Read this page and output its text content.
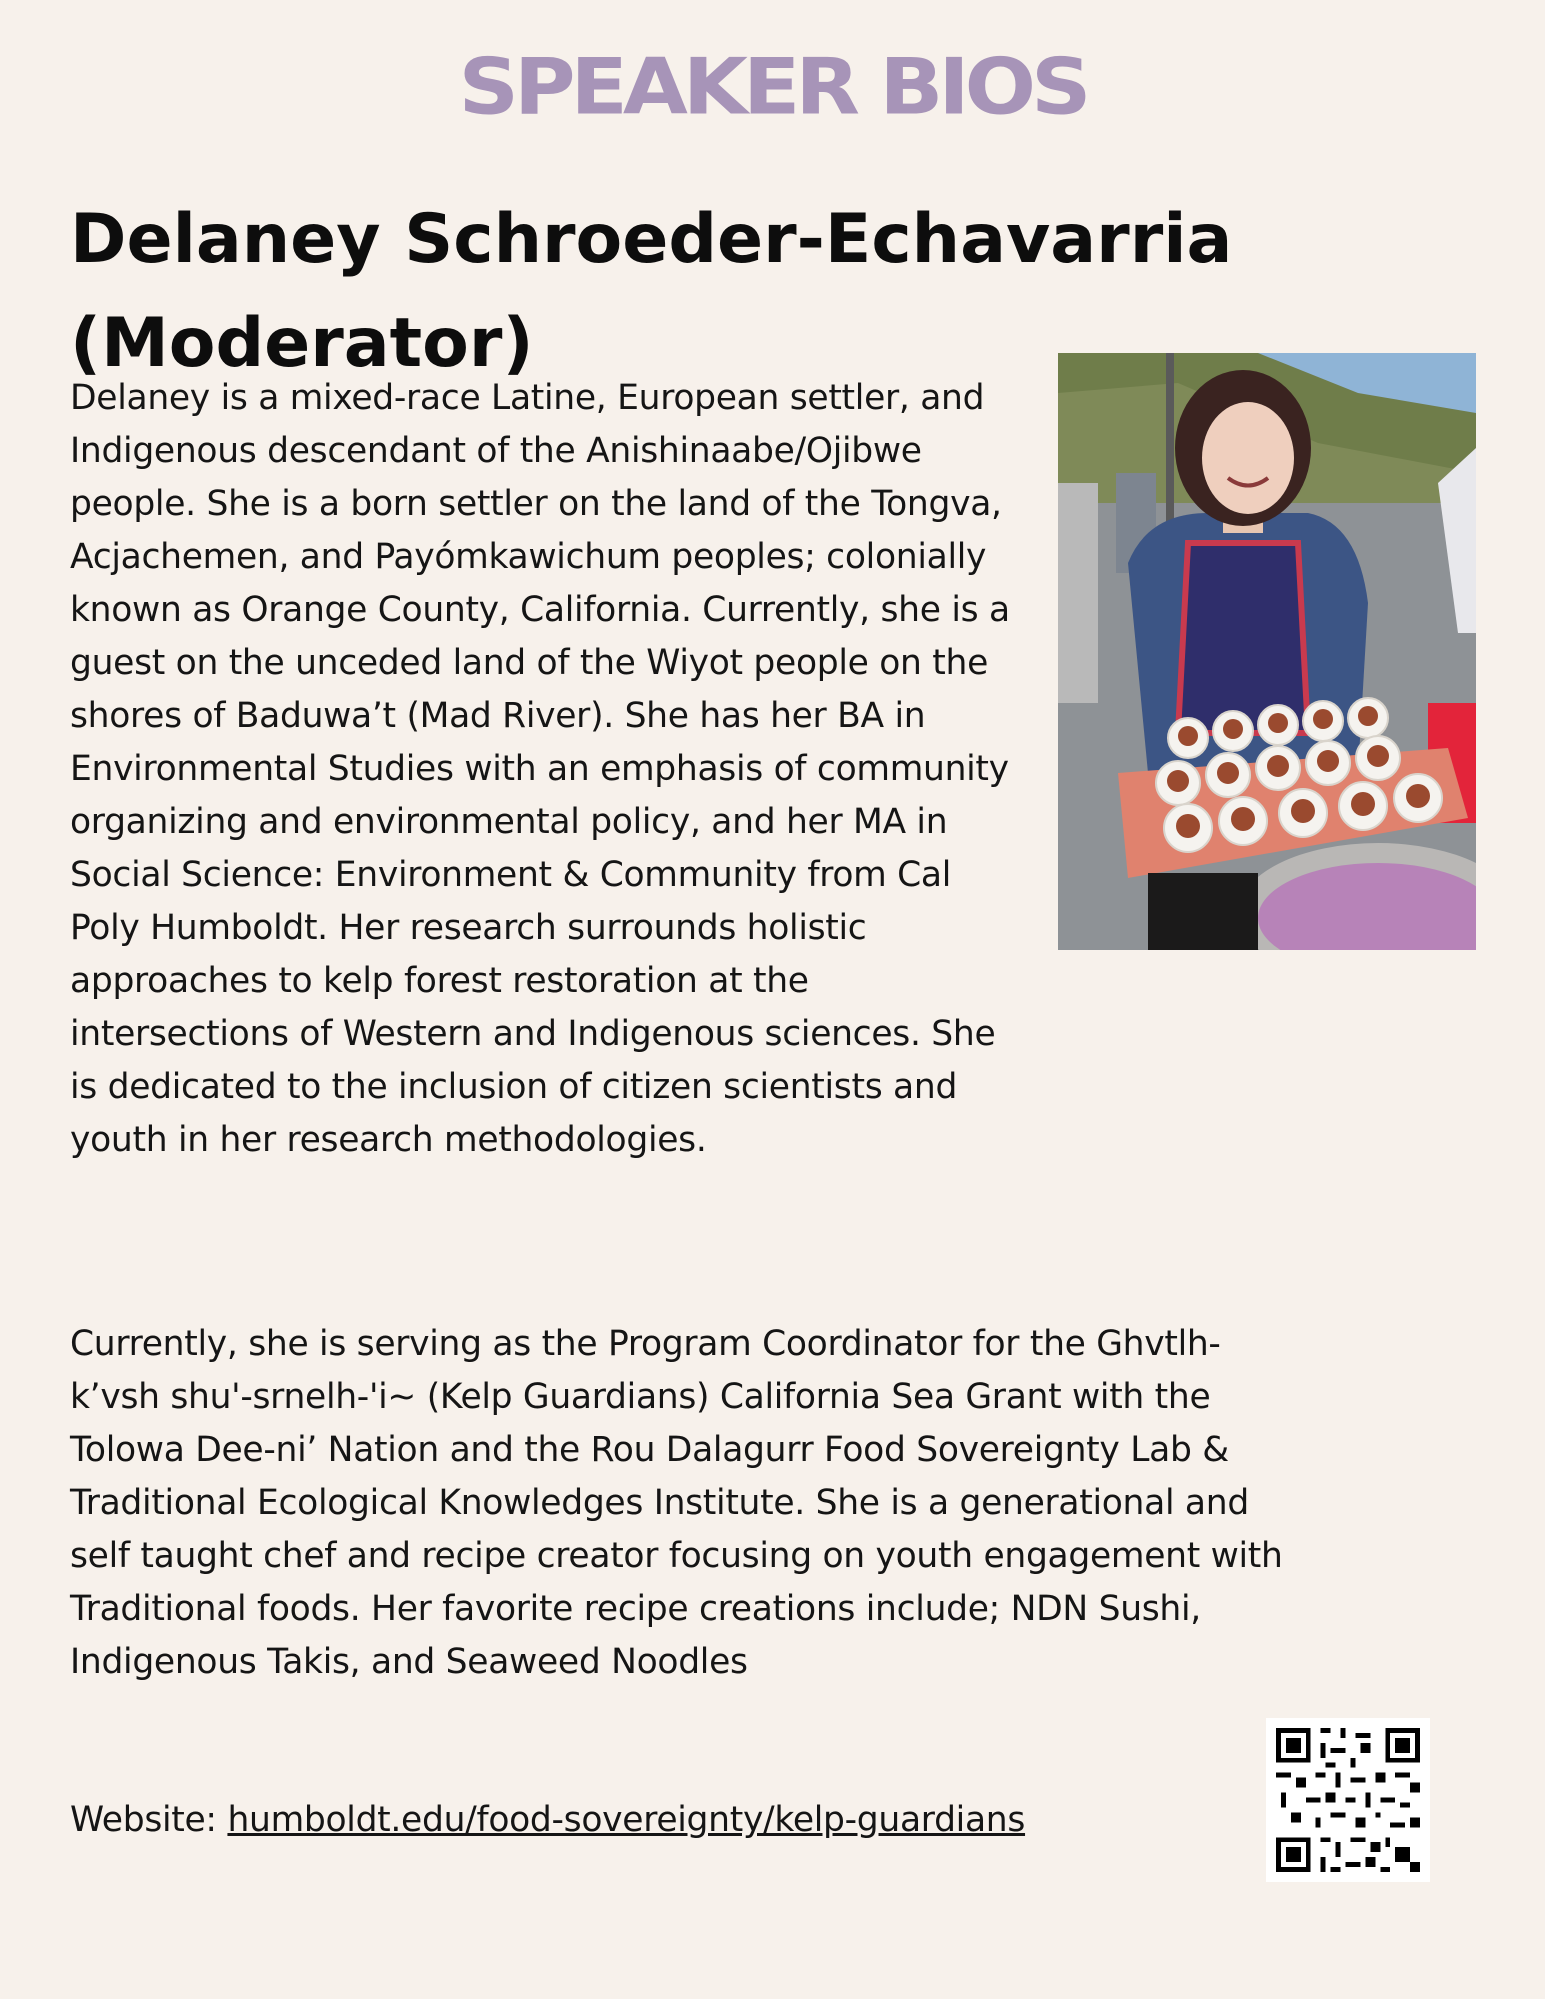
SPEAKER BIOS
Delaney Schroeder-Echavarria
(Moderator)
Delaney is a mixed-race Latine, European settler, and Indigenous descendant of the Anishinaabe/Ojibwe people. She is a born settler on the land of the Tongva, Acjachemen, and Payómkawichum peoples; colonially known as Orange County, California. Currently, she is a guest on the unceded land of the Wiyot people on the shores of Baduwa’t (Mad River). She has her BA in Environmental Studies with an emphasis of community organizing and environmental policy, and her MA in Social Science: Environment & Community from Cal Poly Humboldt. Her research surrounds holistic approaches to kelp forest restoration at the intersections of Western and Indigenous sciences. She is dedicated to the inclusion of citizen scientists and youth in her research methodologies.
Currently, she is serving as the Program Coordinator for the Ghvtlh-k’vsh shu'-srnelh-'i~ (Kelp Guardians) California Sea Grant with the Tolowa Dee-ni’ Nation and the Rou Dalagurr Food Sovereignty Lab & Traditional Ecological Knowledges Institute. She is a generational and self taught chef and recipe creator focusing on youth engagement with Traditional foods. Her favorite recipe creations include; NDN Sushi, Indigenous Takis, and Seaweed Noodles
Website: humboldt.edu/food-sovereignty/kelp-guardians
